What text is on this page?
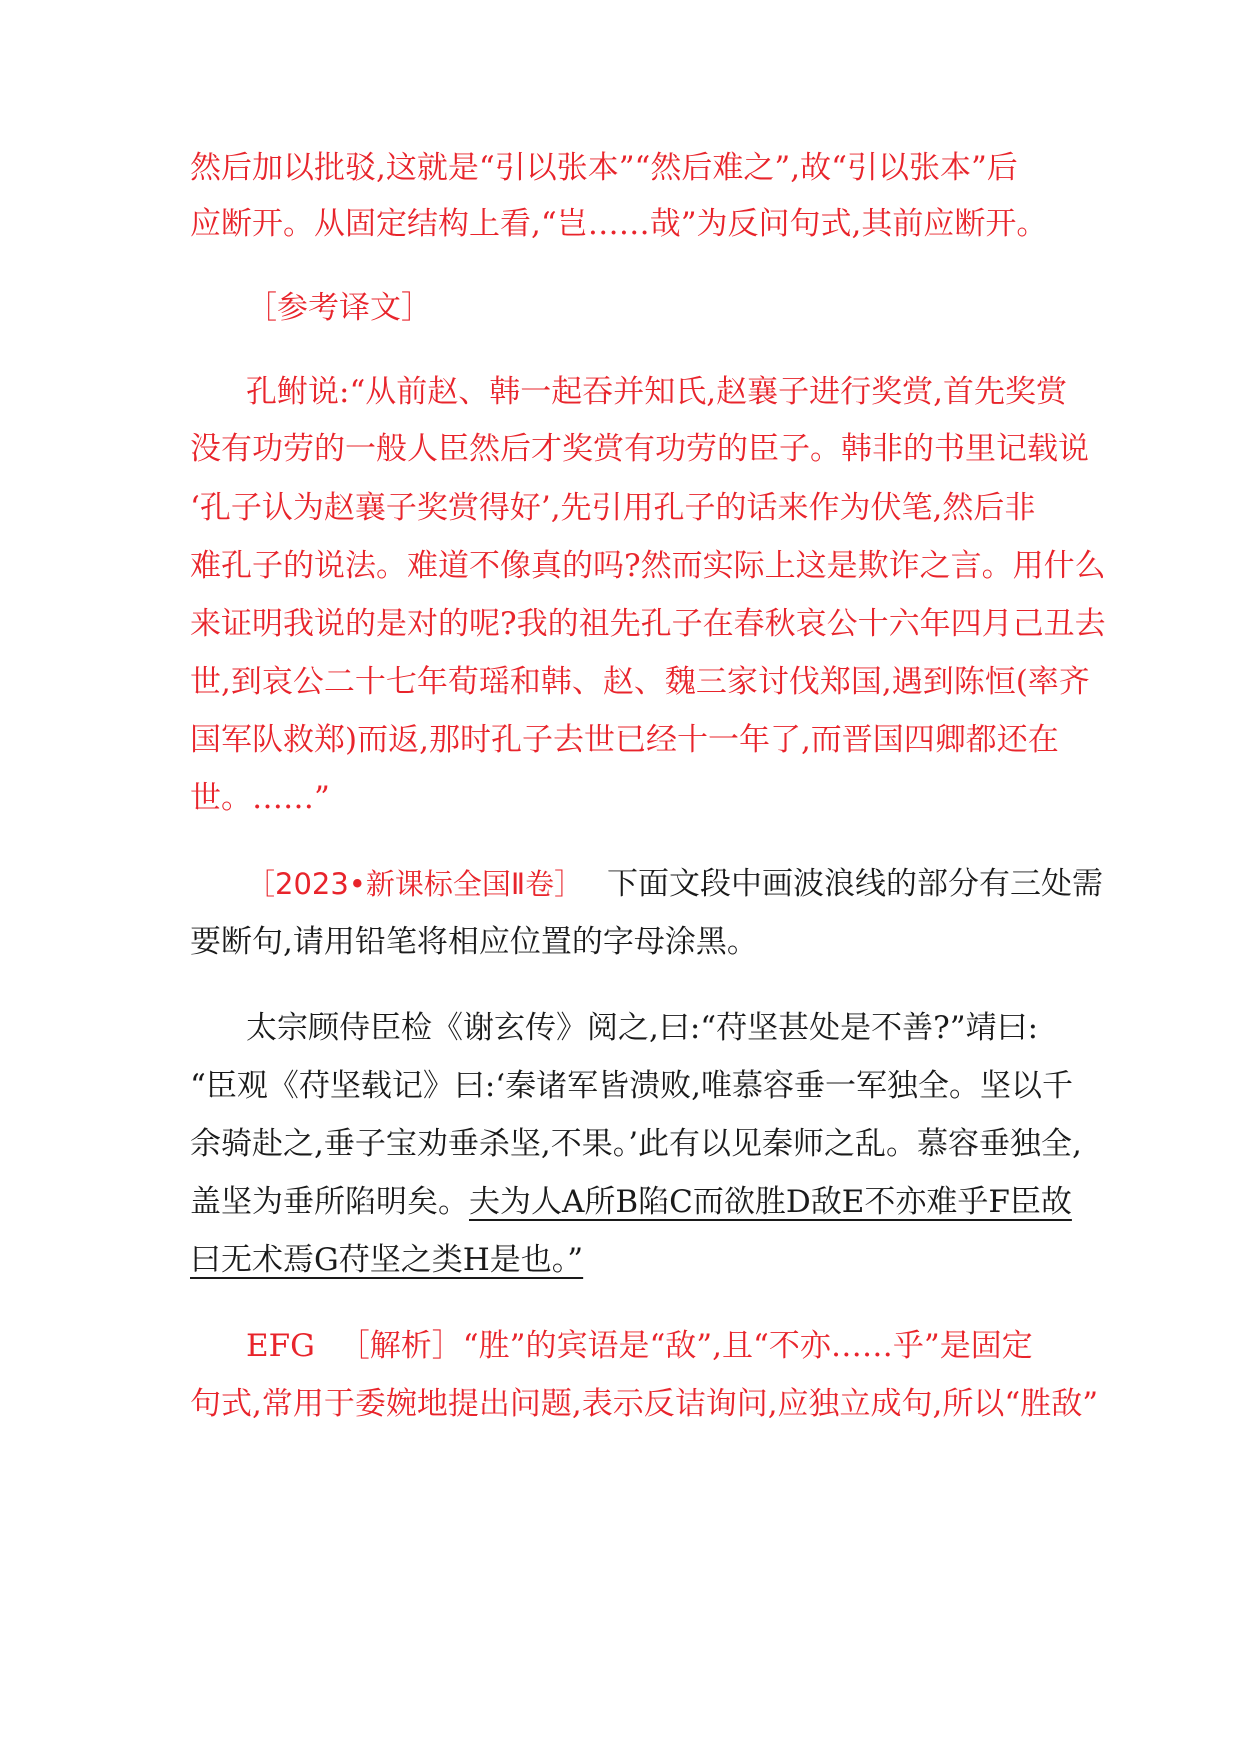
然后加以批驳,这就是“引以张本”“然后难之”,故“引以张本”后
应断开。从固定结构上看,“岂……哉”为反问句式,其前应断开。
［参考译文］
孔鲋说:“从前赵、韩一起吞并知氏,赵襄子进行奖赏,首先奖赏
没有功劳的一般人臣然后才奖赏有功劳的臣子。韩非的书里记载说
‘孔子认为赵襄子奖赏得好’,先引用孔子的话来作为伏笔,然后非
难孔子的说法。难道不像真的吗?然而实际上这是欺诈之言。用什么
来证明我说的是对的呢?我的祖先孔子在春秋哀公十六年四月己丑去
世,到哀公二十七年荀瑶和韩、赵、魏三家讨伐郑国,遇到陈恒(率齐
国军队救郑)而返,那时孔子去世已经十一年了,而晋国四卿都还在
世。……”
［2023•新课标全国Ⅱ卷］ 下面文段中画波浪线的部分有三处需
要断句,请用铅笔将相应位置的字母涂黑。
太宗顾侍臣检《谢玄传》阅之,曰:“苻坚甚处是不善?”靖曰:
“臣观《苻坚载记》曰:‘秦诸军皆溃败,唯慕容垂一军独全。坚以千
余骑赴之,垂子宝劝垂杀坚,不果。’此有以见秦师之乱。慕容垂独全,
盖坚为垂所陷明矣。夫为人A所B陷C而欲胜D敌E不亦难乎F臣故
曰无术焉G苻坚之类H是也。”
EFG ［解析］“胜”的宾语是“敌”,且“不亦……乎”是固定
句式,常用于委婉地提出问题,表示反诘询问,应独立成句,所以“胜敌”
